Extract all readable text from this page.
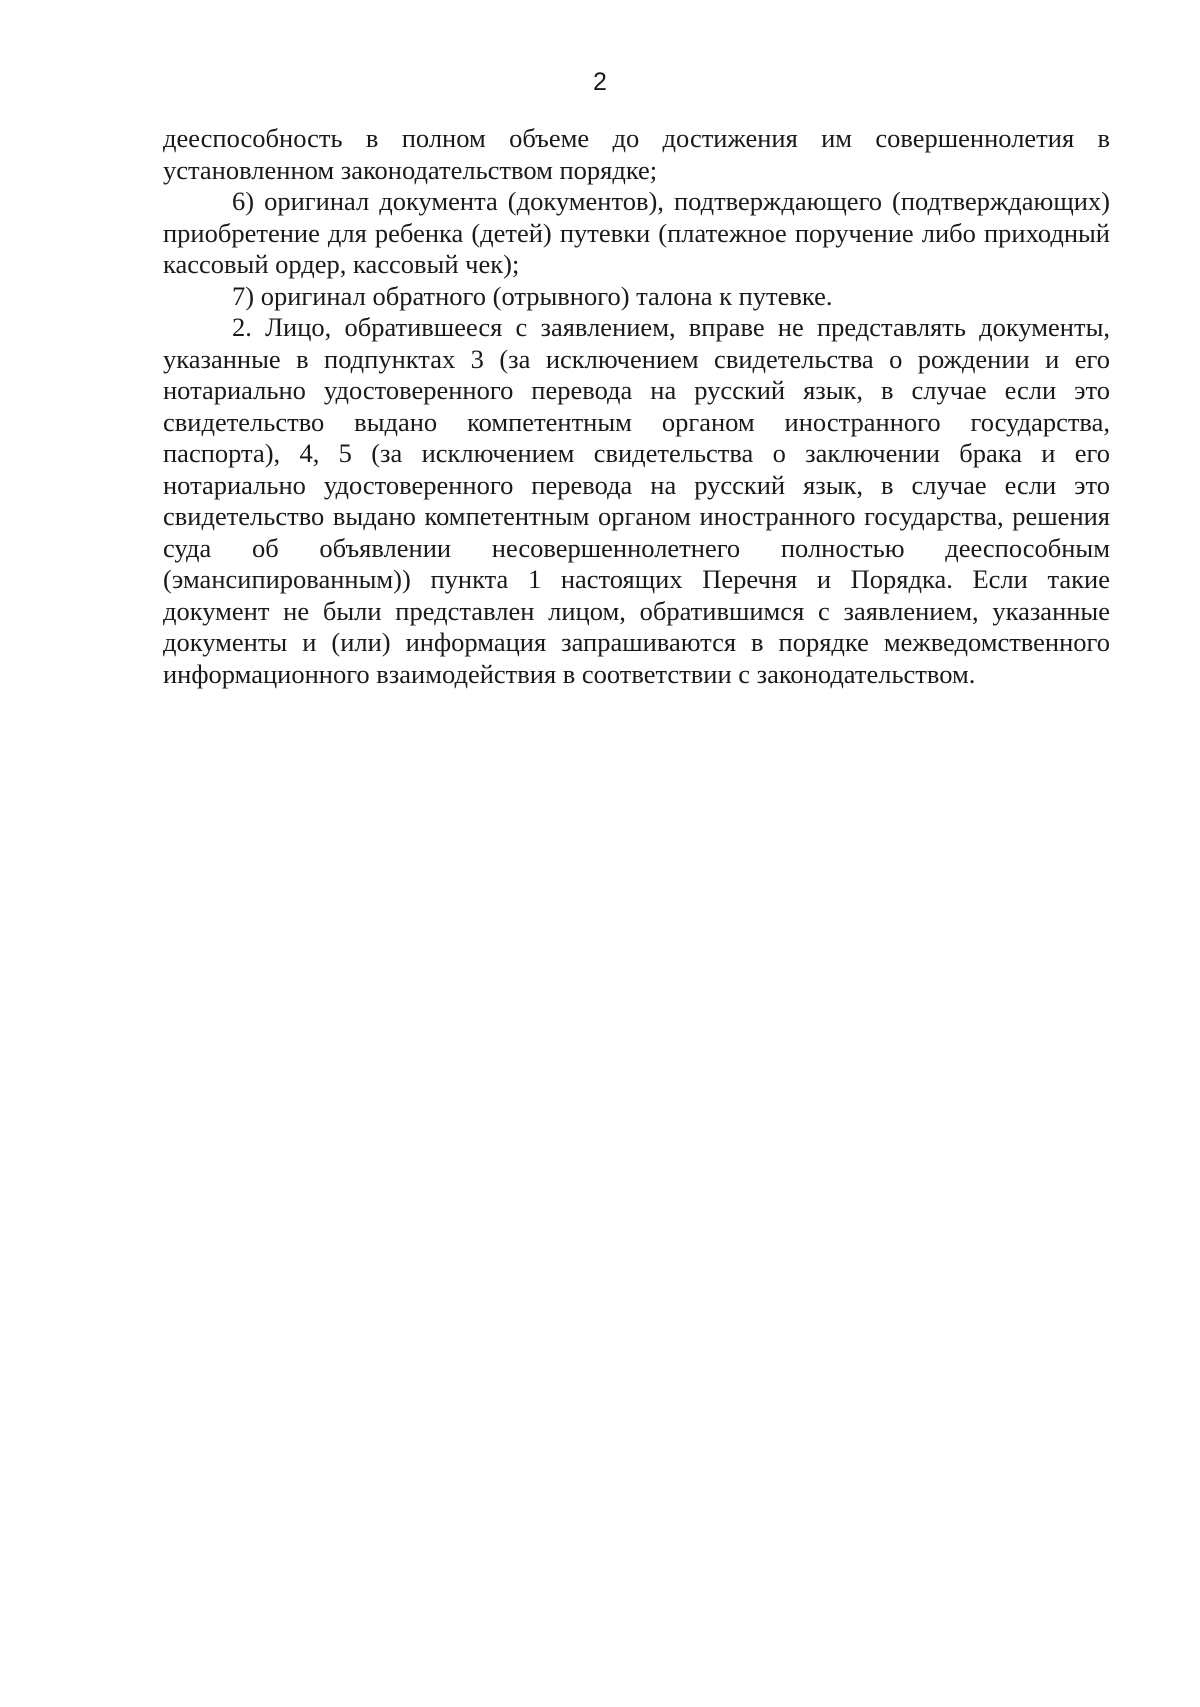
2

дееспособность в полном объеме до достижения им совершеннолетия в установленном законодательством порядке;

6) оригинал документа (документов), подтверждающего (подтверждающих) приобретение для ребенка (детей) путевки (платежное поручение либо приходный кассовый ордер, кассовый чек);

7) оригинал обратного (отрывного) талона к путевке.

2. Лицо, обратившееся с заявлением, вправе не представлять документы, указанные в подпунктах 3 (за исключением свидетельства о рождении и его нотариально удостоверенного перевода на русский язык, в случае если это свидетельство выдано компетентным органом иностранного государства, паспорта), 4, 5 (за исключением свидетельства о заключении брака и его нотариально удостоверенного перевода на русский язык, в случае если это свидетельство выдано компетентным органом иностранного государства, решения суда об объявлении несовершеннолетнего полностью дееспособным (эмансипированным)) пункта 1 настоящих Перечня и Порядка. Если такие документ не были представлен лицом, обратившимся с заявлением, указанные документы и (или) информация запрашиваются в порядке межведомственного информационного взаимодействия в соответствии с законодательством.
